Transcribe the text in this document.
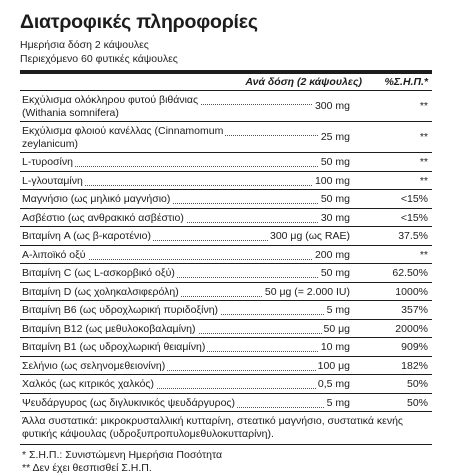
Διατροφικές πληροφορίες
Ημερήσια δόση 2 κάψουλες
Περιεχόμενο 60 φυτικές κάψουλες
Ανά δόση (2 κάψουλες) %Σ.Η.Π.*
Εκχύλισμα ολόκληρου φυτού βιθάνιας
(Withania somnifera)
300 mg	**
Εκχύλισμα φλοιού κανέλλας (Cinnamomum
zeylanicum)
25 mg	**
L-τυροσίνη	50 mg	**
L-γλουταμίνη	100 mg	**
Μαγνήσιο (ως μηλικό μαγνήσιο)	50 mg	<15%
Ασβέστιο (ως ανθρακικό ασβέστιο)	30 mg	<15%
Βιταμίνη A (ως β-καροτένιο)	300 μg (ως RAE)	37.5%
Α-λιποϊκό οξύ	200 mg	**
Βιταμίνη C (ως L-ασκορβικό οξύ)	50 mg	62.50%
Βιταμίνη D (ως χοληκαλσιφερόλη)	50 μg (= 2.000 IU)	1000%
Βιταμίνη B6 (ως υδροχλωρική πυριδοξίνη)	5 mg	357%
Βιταμίνη B12 (ως μεθυλοκοβαλαμίνη)	50 μg	2000%
Βιταμίνη B1 (ως υδροχλωρική θειαμίνη)	10 mg	909%
Σελήνιο (ως σεληνομεθειονίνη)	100 μg	182%
Χαλκός (ως κιτρικός χαλκός)	0,5 mg	50%
Ψευδάργυρος (ως διγλυκινικός ψευδάργυρος)	5 mg	50%
Άλλα συστατικά: μικροκρυσταλλική κυτταρίνη, στεατικό μαγνήσιο, συστατικά κενής φυτικής κάψουλας (υδροξυπροπυλομεθυλοκυτταρίνη).
* Σ.Η.Π.: Συνιστώμενη Ημερήσια Ποσότητα
** Δεν έχει θεσπισθεί Σ.Η.Π.
